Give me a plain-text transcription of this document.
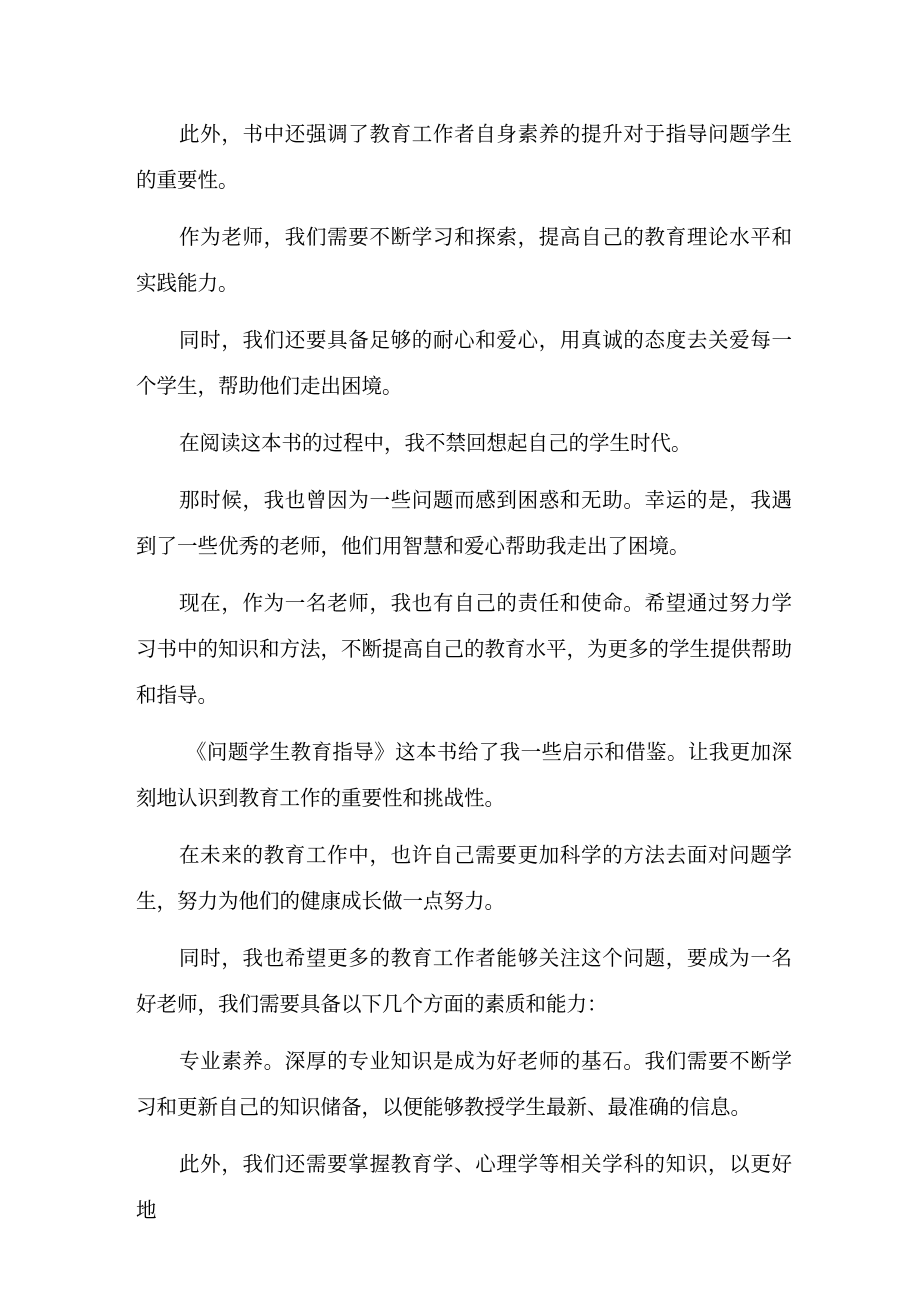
此外，书中还强调了教育工作者自身素养的提升对于指导问题学生的重要性。

作为老师，我们需要不断学习和探索，提高自己的教育理论水平和实践能力。

同时，我们还要具备足够的耐心和爱心，用真诚的态度去关爱每一个学生，帮助他们走出困境。

在阅读这本书的过程中，我不禁回想起自己的学生时代。

那时候，我也曾因为一些问题而感到困惑和无助。幸运的是，我遇到了一些优秀的老师，他们用智慧和爱心帮助我走出了困境。

现在，作为一名老师，我也有自己的责任和使命。希望通过努力学习书中的知识和方法，不断提高自己的教育水平，为更多的学生提供帮助和指导。

《问题学生教育指导》这本书给了我一些启示和借鉴。让我更加深刻地认识到教育工作的重要性和挑战性。

在未来的教育工作中，也许自己需要更加科学的方法去面对问题学生，努力为他们的健康成长做一点努力。

同时，我也希望更多的教育工作者能够关注这个问题，要成为一名好老师，我们需要具备以下几个方面的素质和能力：

专业素养。深厚的专业知识是成为好老师的基石。我们需要不断学习和更新自己的知识储备，以便能够教授学生最新、最准确的信息。

此外，我们还需要掌握教育学、心理学等相关学科的知识，以更好地
